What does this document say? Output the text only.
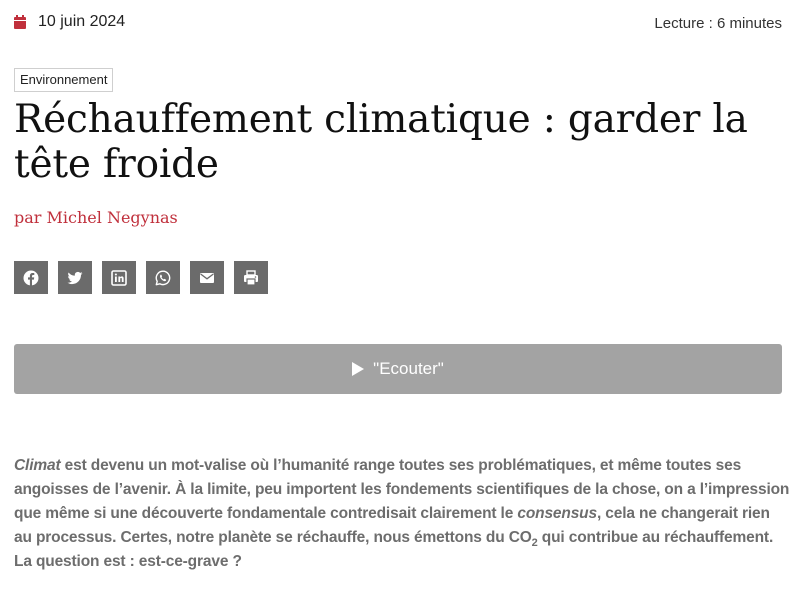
10 juin 2024	Lecture : 6 minutes
Environnement
Réchauffement climatique : garder la tête froide
par Michel Negynas
"Ecouter"

Climat est devenu un mot-valise où l’humanité range toutes ses problématiques, et même toutes ses angoisses de l’avenir. À la limite, peu importent les fondements scientifiques de la chose, on a l’impression que même si une découverte fondamentale contredisait clairement le consensus, cela ne changerait rien au processus. Certes, notre planète se réchauffe, nous émettons du $CO_2$ qui contribue au réchauffement. La question est : est-ce-grave ?
